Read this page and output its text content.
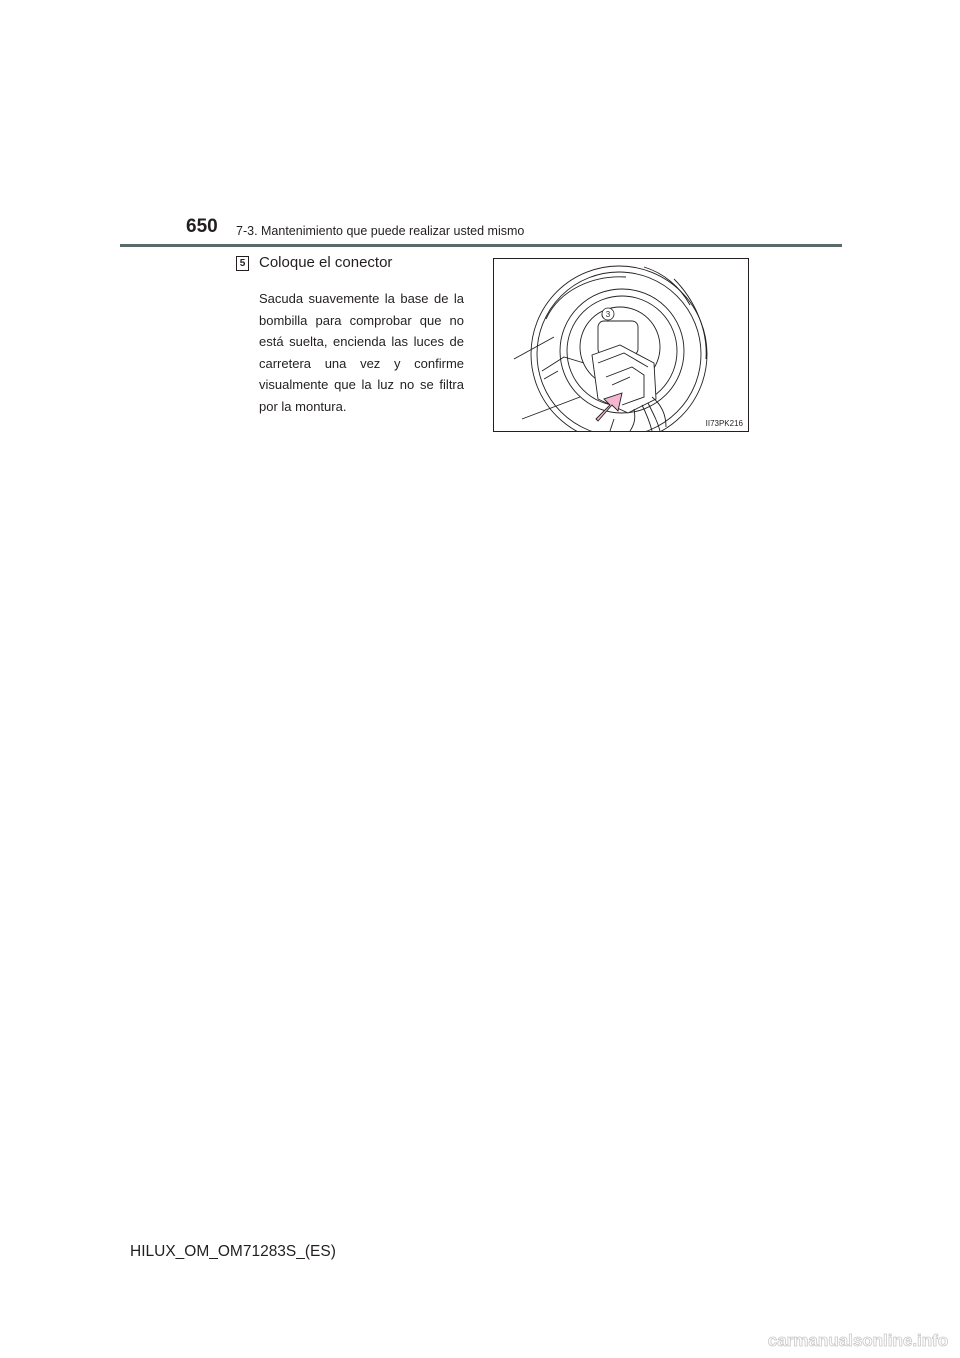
650 7-3. Mantenimiento que puede realizar usted mismo
5 Coloque el conector

Sacuda suavemente la base de la bombilla para comprobar que no está suelta, encienda las luces de carretera una vez y confirme visualmente que la luz no se filtra por la montura.

3
II73PK216
HILUX_OM_OM71283S_(ES)
carmanualsonline.info
